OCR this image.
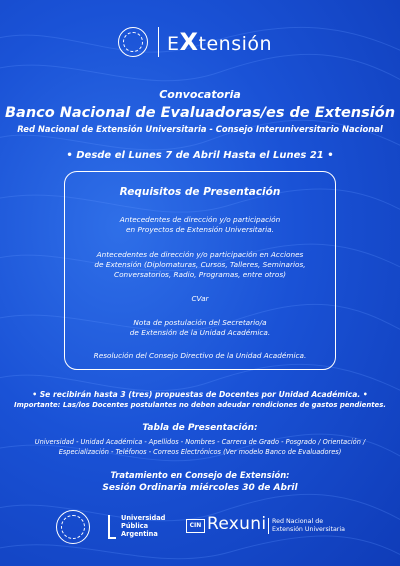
EXtensión
Convocatoria
Banco Nacional de Evaluadoras/es de Extensión
Red Nacional de Extensión Universitaria - Consejo Interuniversitario Nacional
• Desde el Lunes 7 de Abril Hasta el Lunes 21 •
Requisitos de Presentación
Antecedentes de dirección y/o participación
en Proyectos de Extensión Universitaria.
Antecedentes de dirección y/o participación en Acciones
de Extensión (Diplomaturas, Cursos, Talleres, Seminarios,
Conversatorios, Radio, Programas, entre otros)
CVar
Nota de postulación del Secretario/a
de Extensión de la Unidad Académica.
Resolución del Consejo Directivo de la Unidad Académica.
• Se recibirán hasta 3 (tres) propuestas de Docentes por Unidad Académica. •
Importante: Las/los Docentes postulantes no deben adeudar rendiciones de gastos pendientes.
Tabla de Presentación:
Universidad - Unidad Académica - Apellidos - Nombres - Carrera de Grado - Posgrado / Orientación /
Especialización - Teléfonos - Correos Electrónicos (Ver modelo Banco de Evaluadores)
Tratamiento en Consejo de Extensión:
Sesión Ordinaria miércoles 30 de Abril
Universidad
Pública
Argentina
CIN Rexuni Red Nacional de
Extensión Universitaria
